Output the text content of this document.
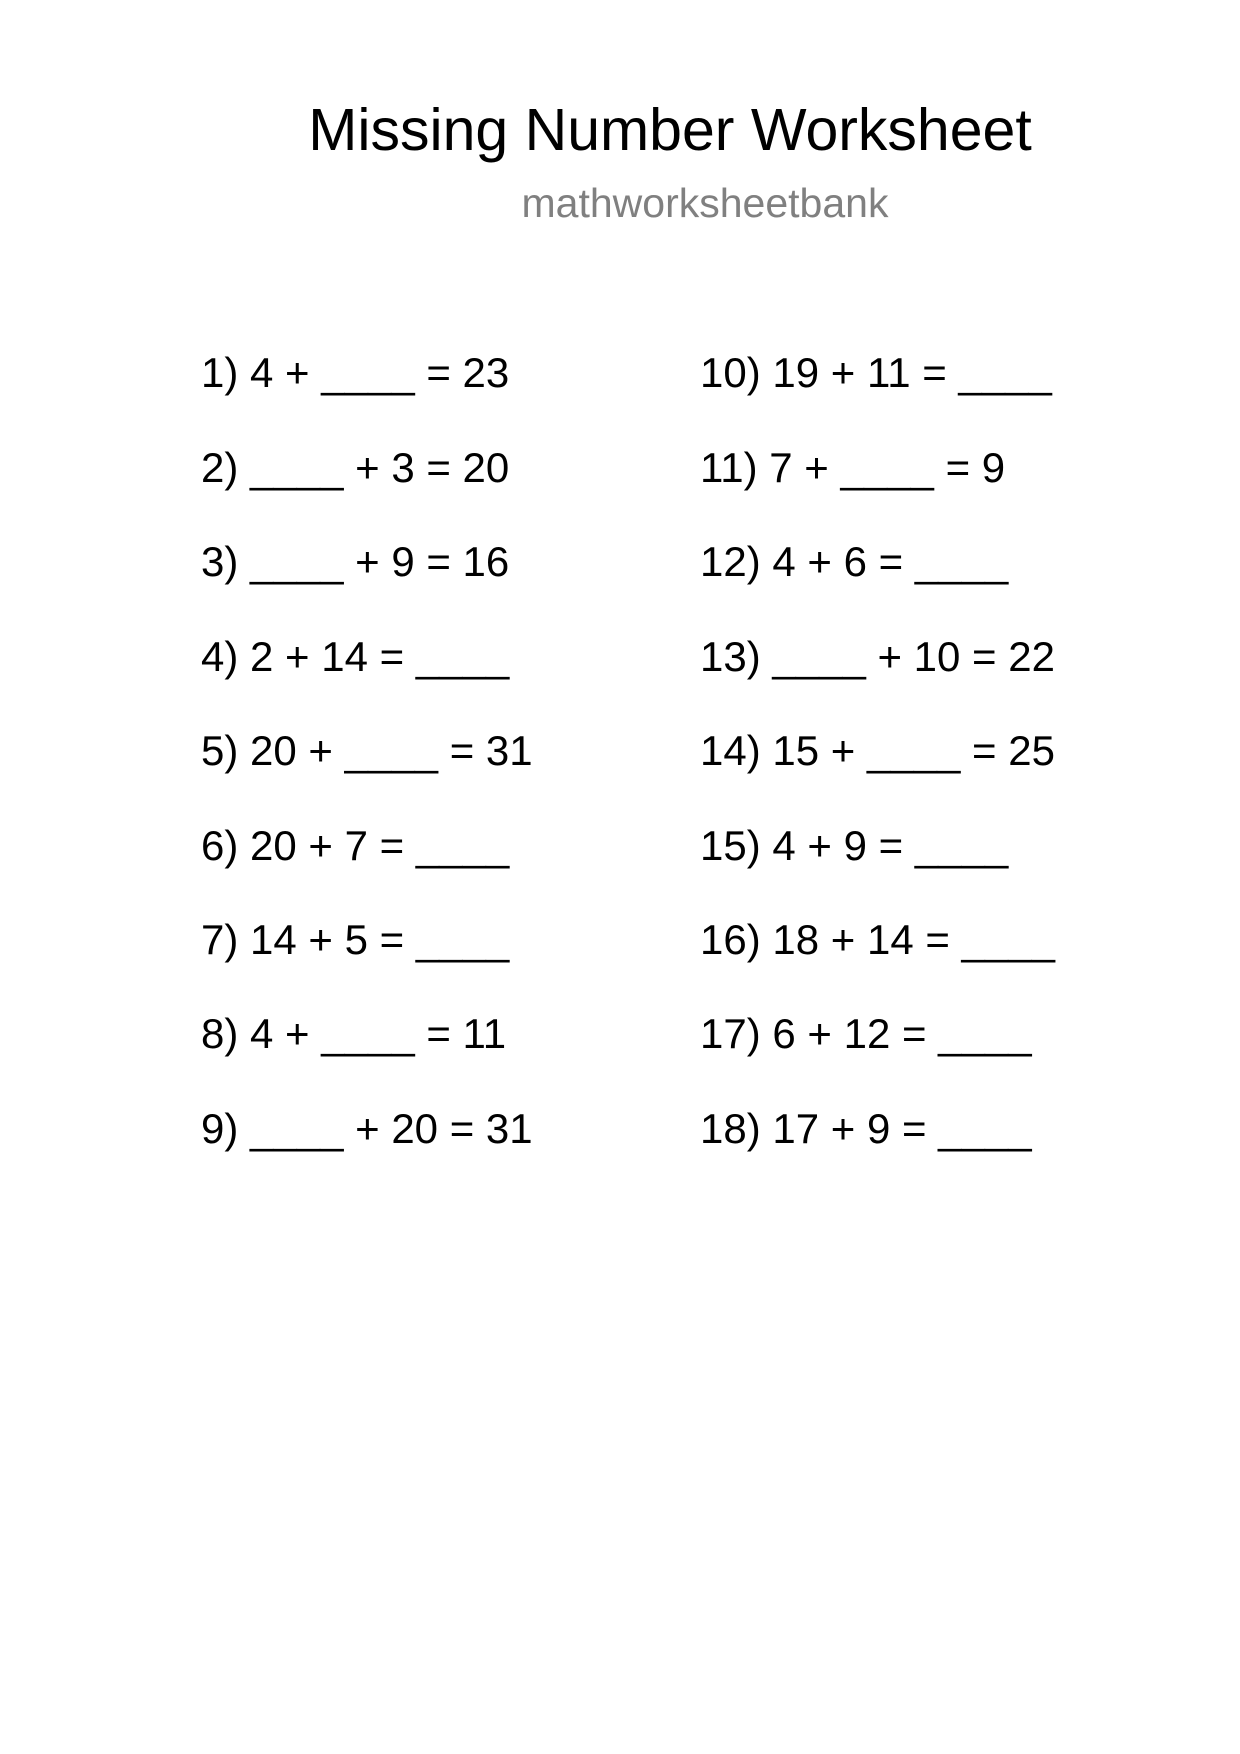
Missing Number Worksheet
mathworksheetbank
1) 4 + ____ = 23
2) ____ + 3 = 20
3) ____ + 9 = 16
4) 2 + 14 = ____
5) 20 + ____ = 31
6) 20 + 7 = ____
7) 14 + 5 = ____
8) 4 + ____ = 11
9) ____ + 20 = 31
10) 19 + 11 = ____
11) 7 + ____ = 9
12) 4 + 6 = ____
13) ____ + 10 = 22
14) 15 + ____ = 25
15) 4 + 9 = ____
16) 18 + 14 = ____
17) 6 + 12 = ____
18) 17 + 9 = ____
